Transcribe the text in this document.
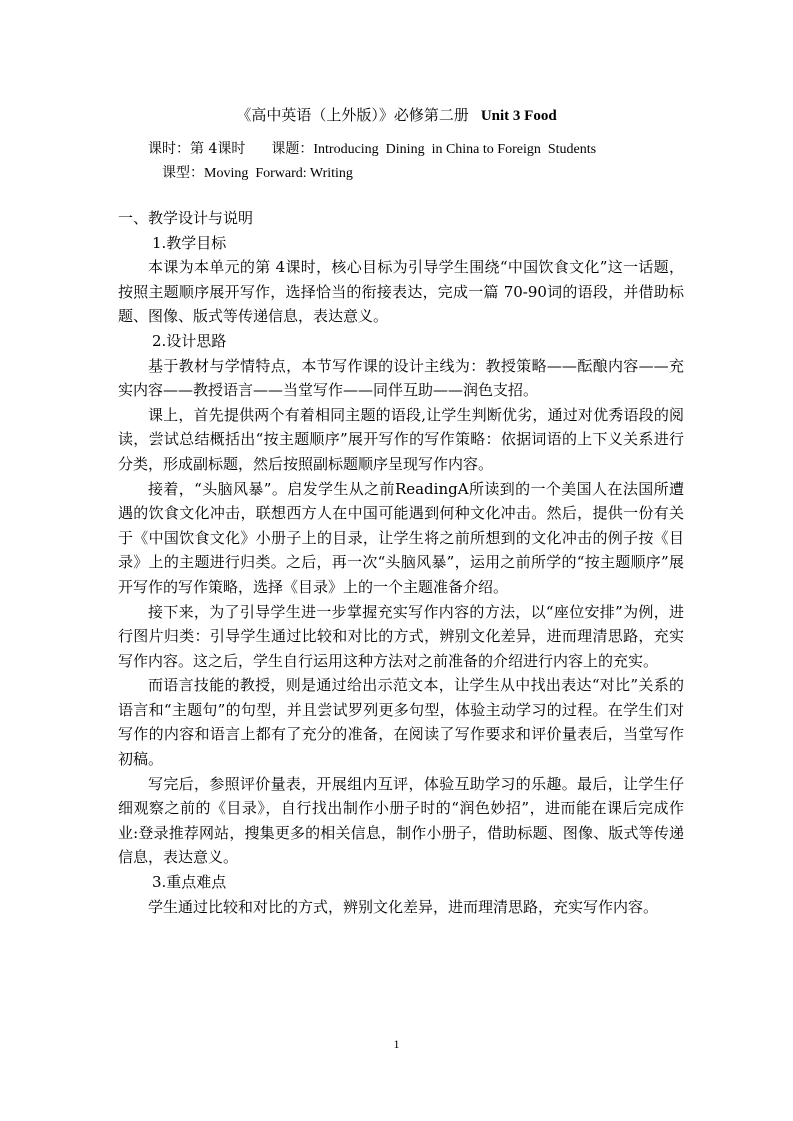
《高中英语（上外版）》必修第二册 Unit 3 Food
课时：第 4课时 课题：Introducing  Dining  in China to Foreign  Students
课型：Moving  Forward: Writing

一、教学设计与说明

1.教学目标

本课为本单元的第 4课时，核心目标为引导学生围绕“中国饮食文化”这一话题，按照主题顺序展开写作，选择恰当的衔接表达，完成一篇 70-90词的语段，并借助标题、图像、版式等传递信息，表达意义。

2.设计思路

基于教材与学情特点，本节写作课的设计主线为：教授策略——酝酿内容——充实内容——教授语言——当堂写作——同伴互助——润色支招。

课上，首先提供两个有着相同主题的语段,让学生判断优劣，通过对优秀语段的阅读，尝试总结概括出“按主题顺序”展开写作的写作策略：依据词语的上下义关系进行分类，形成副标题，然后按照副标题顺序呈现写作内容。

接着，“头脑风暴”。启发学生从之前ReadingA所读到的一个美国人在法国所遭遇的饮食文化冲击，联想西方人在中国可能遇到何种文化冲击。然后，提供一份有关于《中国饮食文化》小册子上的目录，让学生将之前所想到的文化冲击的例子按《目录》上的主题进行归类。之后，再一次“头脑风暴”，运用之前所学的“按主题顺序”展开写作的写作策略，选择《目录》上的一个主题准备介绍。

接下来，为了引导学生进一步掌握充实写作内容的方法，以“座位安排”为例，进行图片归类：引导学生通过比较和对比的方式，辨别文化差异，进而理清思路，充实写作内容。这之后，学生自行运用这种方法对之前准备的介绍进行内容上的充实。

而语言技能的教授，则是通过给出示范文本，让学生从中找出表达“对比”关系的语言和“主题句”的句型，并且尝试罗列更多句型，体验主动学习的过程。在学生们对写作的内容和语言上都有了充分的准备，在阅读了写作要求和评价量表后，当堂写作初稿。

写完后，参照评价量表，开展组内互评，体验互助学习的乐趣。最后，让学生仔细观察之前的《目录》，自行找出制作小册子时的“润色妙招”，进而能在课后完成作业:登录推荐网站，搜集更多的相关信息，制作小册子，借助标题、图像、版式等传递信息，表达意义。

3.重点难点

学生通过比较和对比的方式，辨别文化差异，进而理清思路，充实写作内容。

1
